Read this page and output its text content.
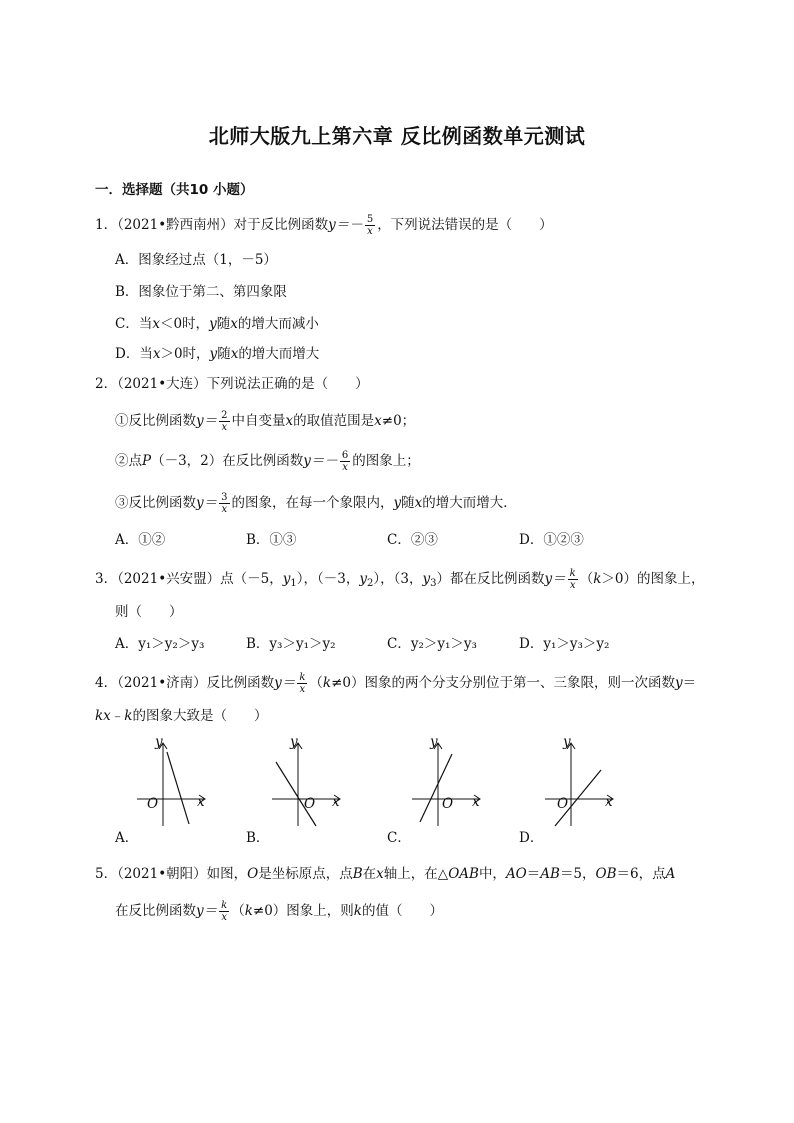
北师大版九上第六章 反比例函数单元测试
一．选择题（共10 小题）
1．（2021•黔西南州）对于反比例函数$y=- \frac{5}{x}$ ，下列说法错误的是（　　）
A．图象经过点（1，－5）
B．图象位于第二、第四象限
C．当x＜0时，y随x的增大而减小
D．当x＞0时，y随x的增大而增大
2．（2021•大连）下列说法正确的是（　　）
①反比例函数$y= \frac{2}{x}$ 中自变量x的取值范围是x≠0；
②点P（－3，2）在反比例函数$y=- \frac{6}{x}$ 的图象上；
③反比例函数$y= \frac{3}{x}$ 的图象，在每一个象限内，y随x的增大而增大．
A．①②	B．①③	C．②③	D．①②③
3．（2021•兴安盟）点（－5，$y_1$），（－3，$y_2$），（3，$y_3$）都在反比例函数$y= \frac{k}{x} (k>0)$的图象上，
则（　　）
A．y₁＞y₂＞y₃	B．y₃＞y₁＞y₂	C．y₂＞y₁＞y₃	D．y₁＞y₃＞y₂
4．（2021•济南）反比例函数$y= \frac{k}{x} (k\ne 0)$图象的两个分支分别位于第一、三象限，则一次函数y＝
kx﹣k的图象大致是（　　）
y
x
O
A．
y
x
O
B．
y
x
O
C．
y
x
O
D．
5．（2021•朝阳）如图，O是坐标原点，点B在x轴上，在△OAB中，AO＝AB＝5，OB＝6，点A
在反比例函数$y= \frac{k}{x} (k\ne 0)$图象上，则k的值（　　）
